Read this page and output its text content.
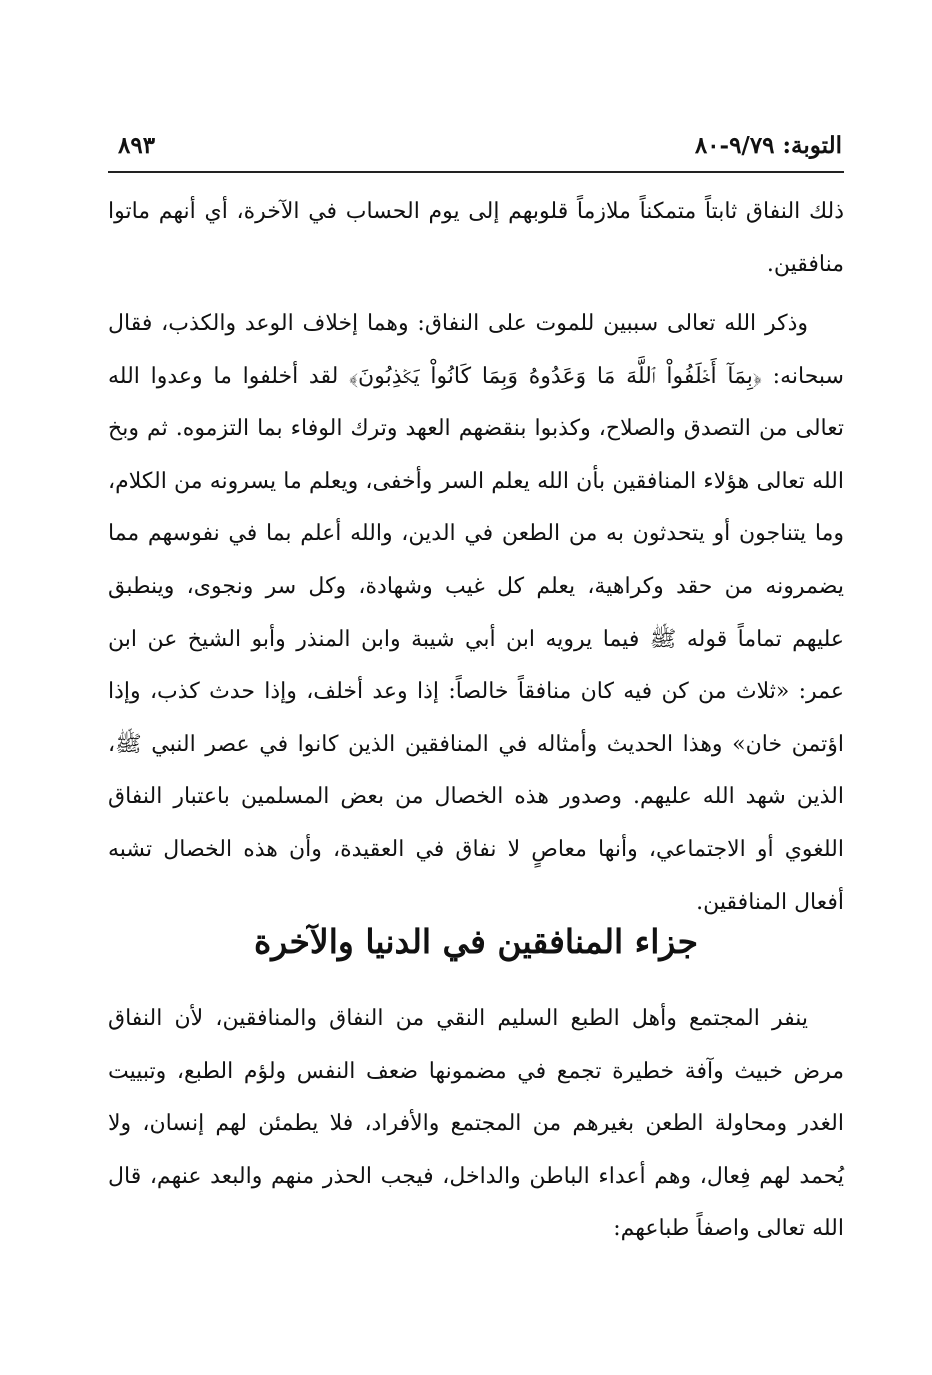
التوبة: ٩/٧٩-٨٠
٨٩٣

ذلك النفاق ثابتاً متمكناً ملازماً قلوبهم إلى يوم الحساب في الآخرة، أي أنهم ماتوا منافقين.

وذكر الله تعالى سببين للموت على النفاق: وهما إخلاف الوعد والكذب، فقال سبحانه: ﴿بِمَآ أَخۡلَفُواْ ٱللَّهَ مَا وَعَدُوهُ وَبِمَا كَانُواْ يَكۡذِبُونَ﴾ لقد أخلفوا ما وعدوا الله تعالى من التصدق والصلاح، وكذبوا بنقضهم العهد وترك الوفاء بما التزموه. ثم وبخ الله تعالى هؤلاء المنافقين بأن الله يعلم السر وأخفى، ويعلم ما يسرونه من الكلام، وما يتناجون أو يتحدثون به من الطعن في الدين، والله أعلم بما في نفوسهم مما يضمرونه من حقد وكراهية، يعلم كل غيب وشهادة، وكل سر ونجوى، وينطبق عليهم تماماً قوله ﷺ فيما يرويه ابن أبي شيبة وابن المنذر وأبو الشيخ عن ابن عمر: «ثلاث من كن فيه كان منافقاً خالصاً: إذا وعد أخلف، وإذا حدث كذب، وإذا اؤتمن خان» وهذا الحديث وأمثاله في المنافقين الذين كانوا في عصر النبي ﷺ، الذين شهد الله عليهم. وصدور هذه الخصال من بعض المسلمين باعتبار النفاق اللغوي أو الاجتماعي، وأنها معاصٍ لا نفاق في العقيدة، وأن هذه الخصال تشبه أفعال المنافقين.

جزاء المنافقين في الدنيا والآخرة

ينفر المجتمع وأهل الطبع السليم النقي من النفاق والمنافقين، لأن النفاق مرض خبيث وآفة خطيرة تجمع في مضمونها ضعف النفس ولؤم الطبع، وتبييت الغدر ومحاولة الطعن بغيرهم من المجتمع والأفراد، فلا يطمئن لهم إنسان، ولا يُحمد لهم فِعال، وهم أعداء الباطن والداخل، فيجب الحذر منهم والبعد عنهم، قال الله تعالى واصفاً طباعهم:
